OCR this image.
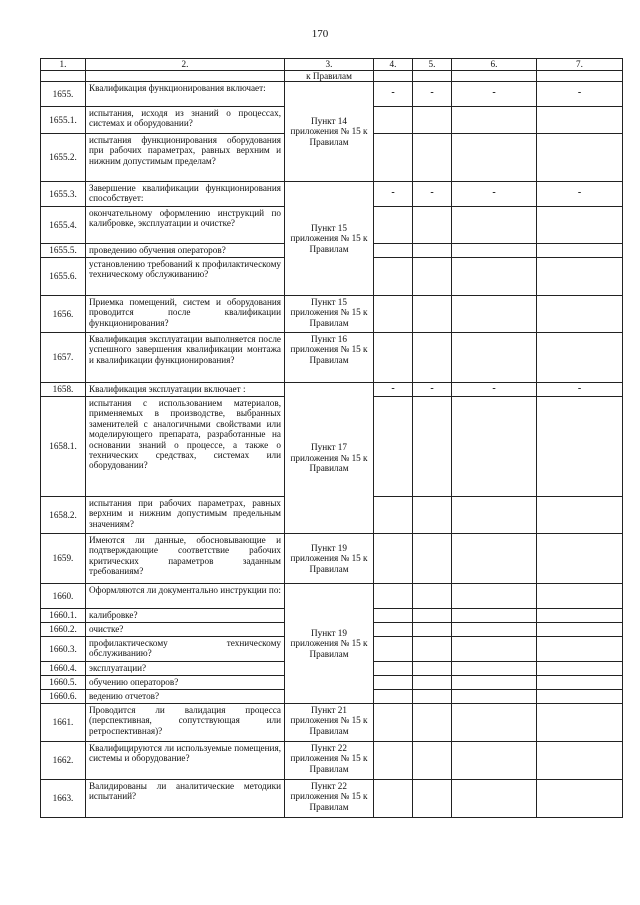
170
1.	2.	3.	4.	5.	6.	7.
		к Правилам				
1655.	Квалификация функционирования включает:	Пункт 14 приложения № 15 к Правилам	-	-	-	-
1655.1.	испытания, исходя из знаний о процессах, системах и оборудовании?					
1655.2.	испытания функционирования оборудования при рабочих параметрах, равных верхним и нижним допустимым пределам?					
1655.3.	Завершение квалификации функционирования способствует:	Пункт 15 приложения № 15 к Правилам	-	-	-	-
1655.4.	окончательному оформлению инструкций по калибровке, эксплуатации и очистке?					
1655.5.	проведению обучения операторов?					
1655.6.	установлению требований к профилактическому техническому обслуживанию?					
1656.	Приемка помещений, систем и оборудования проводится после квалификации функционирования?	Пункт 15 приложения № 15 к Правилам				
1657.	Квалификация эксплуатации выполняется после успешного завершения квалификации монтажа и квалификации функционирования?	Пункт 16 приложения № 15 к Правилам				
1658.	Квалификация эксплуатации включает :	Пункт 17 приложения № 15 к Правилам	-	-	-	-
1658.1.	испытания с использованием материалов, применяемых в производстве, выбранных заменителей с аналогичными свойствами или моделирующего препарата, разработанные на основании знаний о процессе, а также о технических средствах, системах или оборудовании?					
1658.2.	испытания при рабочих параметрах, равных верхним и нижним допустимым предельным значениям?					
1659.	Имеются ли данные, обосновывающие и подтверждающие соответствие рабочих критических параметров заданным требованиям?	Пункт 19 приложения № 15 к Правилам				
1660.	Оформляются ли документально инструкции по:	Пункт 19 приложения № 15 к Правилам				
1660.1.	калибровке?					
1660.2.	очистке?					
1660.3.	профилактическому техническому обслуживанию?					
1660.4.	эксплуатации?					
1660.5.	обучению операторов?					
1660.6.	ведению отчетов?					
1661.	Проводится ли валидация процесса (перспективная, сопутствующая или ретроспективная)?	Пункт 21 приложения № 15 к Правилам				
1662.	Квалифицируются ли используемые помещения, системы и оборудование?	Пункт 22 приложения № 15 к Правилам				
1663.	Валидированы ли аналитические методики испытаний?	Пункт 22 приложения № 15 к Правилам				
